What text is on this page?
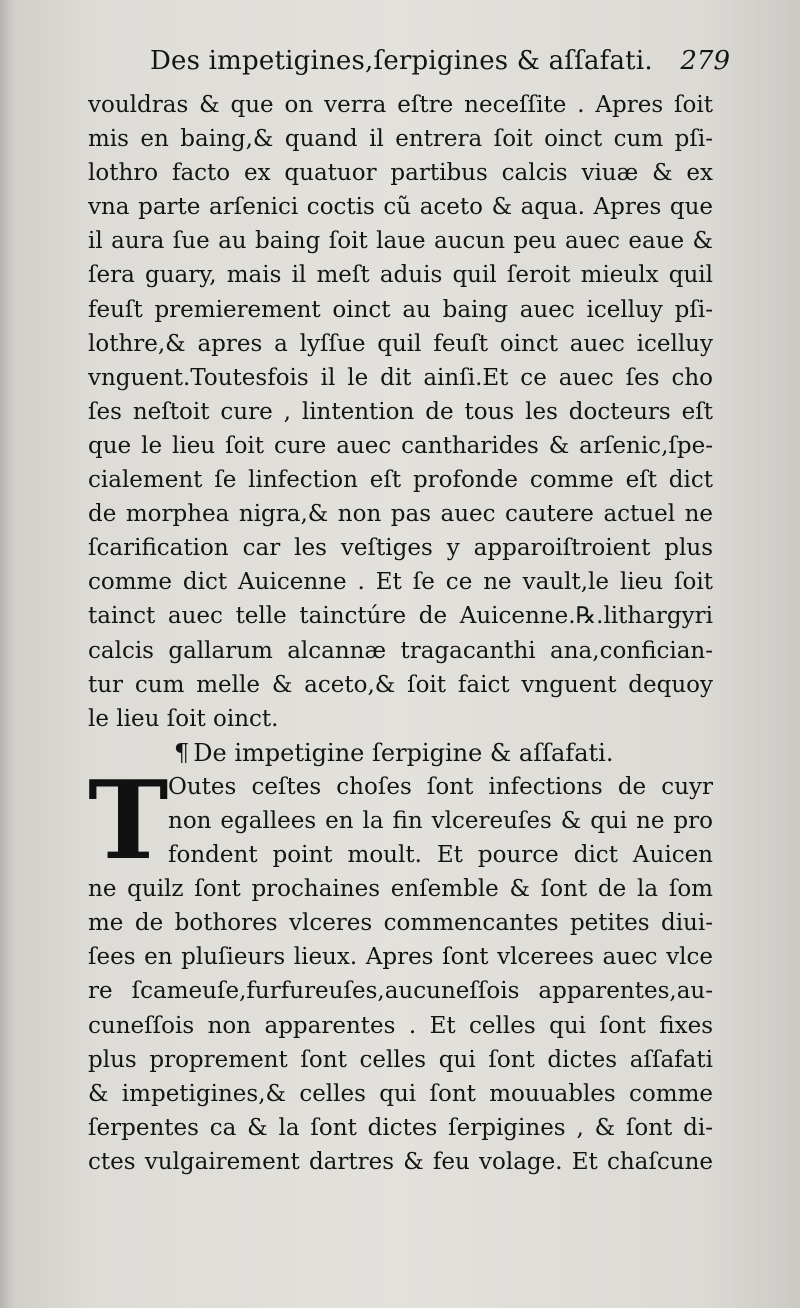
Des impetigines,ſerpigines & aſſafati. 279
vouldras & que on verra eſtre neceſſite . Apres ſoit
mis en baing,& quand il entrera ſoit oinct cum pſi-
lothro facto ex quatuor partibus calcis viuæ & ex
vna parte arſenici coctis cũ aceto & aqua. Apres que
il aura ſue au baing ſoit laue aucun peu auec eaue &
ſera guary, mais il meſt aduis quil ſeroit mieulx quil
feuſt premierement oinct au baing auec icelluy pſi-
lothre,& apres a lyſſue quil feuſt oinct auec icelluy
vnguent.Toutesfois il le dit ainſi.Et ce auec ſes cho
ſes neſtoit cure , lintention de tous les docteurs eſt
que le lieu ſoit cure auec cantharides & arſenic,ſpe-
cialement ſe linfection eſt profonde comme eſt dict
de morphea nigra,& non pas auec cautere actuel ne
ſcarification car les veſtiges y apparoiſtroient plus
comme dict Auicenne . Et ſe ce ne vault,le lieu ſoit
tainct auec telle tainctúre de Auicenne.℞.lithargyri
calcis gallarum alcannæ tragacanthi ana,confician-
tur cum melle & aceto,& ſoit faict vnguent dequoy
le lieu ſoit oinct.
¶ De impetigine ſerpigine & aſſafati.
T Outes ceſtes choſes ſont infections de cuyr
non egallees en la fin vlcereuſes & qui ne pro
fondent point moult. Et pource dict Auicen
ne quilz ſont prochaines enſemble & ſont de la ſom
me de bothores vlceres commencantes petites diui-
ſees en pluſieurs lieux. Apres ſont vlcerees auec vlce
re ſcameuſe,furfureuſes,aucuneſſois apparentes,au-
cuneſſois non apparentes . Et celles qui ſont fixes
plus proprement ſont celles qui ſont dictes aſſafati
& impetigines,& celles qui ſont mouuables comme
ſerpentes ca & la ſont dictes ſerpigines , & ſont di-
ctes vulgairement dartres & feu volage. Et chaſcune
